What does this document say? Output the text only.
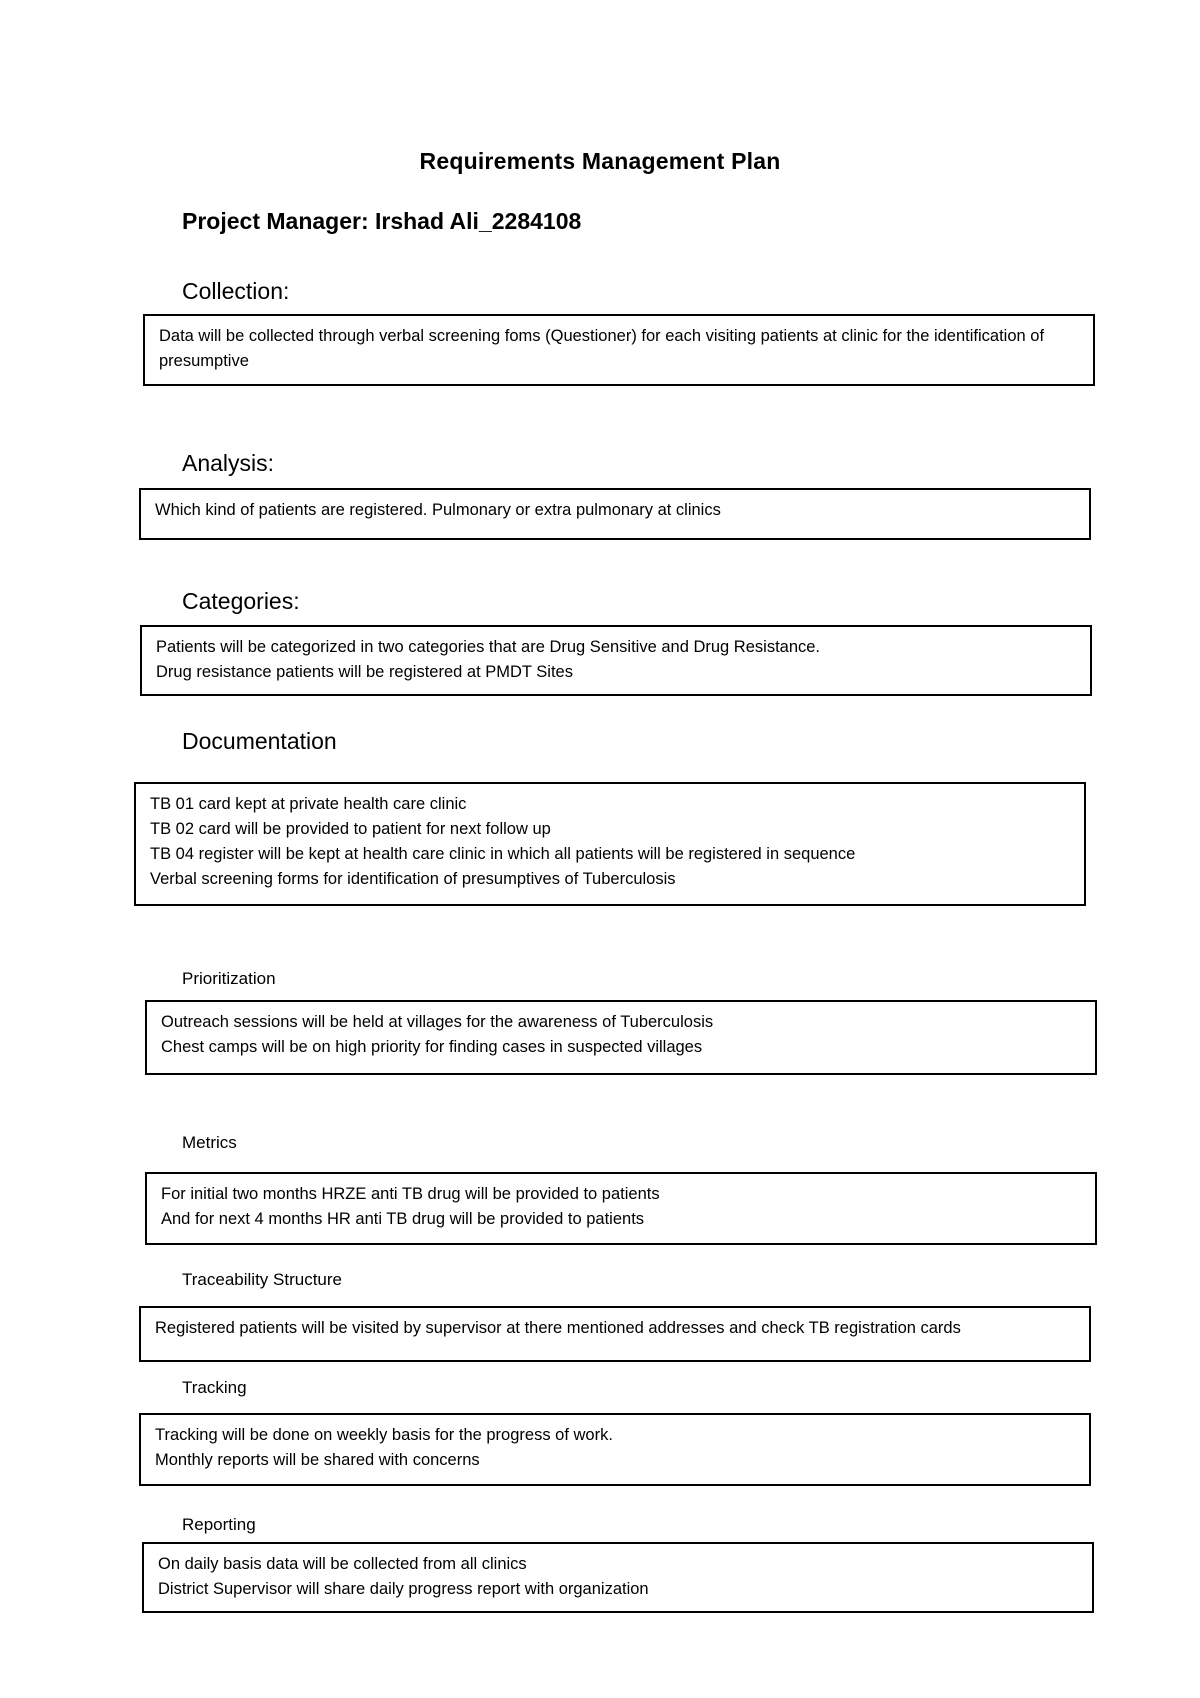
Requirements Management Plan
Project Manager: Irshad Ali_2284108
Collection:
Data will be collected through verbal screening foms (Questioner) for each visiting patients at clinic for the identification of presumptive
Analysis:
Which kind of patients are registered. Pulmonary or extra pulmonary at clinics
Categories:
Patients will be categorized in two categories that are Drug Sensitive and Drug Resistance.
Drug resistance patients will be registered at PMDT Sites
Documentation
TB 01 card kept at private health care clinic
TB 02 card will be provided to patient for next follow up
TB 04 register will be kept at health care clinic in which all patients will be registered in sequence
Verbal screening forms for identification of presumptives of Tuberculosis
Prioritization
Outreach sessions will be held at villages for the awareness of Tuberculosis
Chest camps will be on high priority for finding cases in suspected villages
Metrics
For initial two months HRZE anti TB drug will be provided to patients
And for next 4 months HR anti TB drug will be provided to patients
Traceability Structure
Registered patients will be visited by supervisor at there mentioned addresses and check TB registration cards
Tracking
Tracking will be done on weekly basis for the progress of work.
Monthly reports will be shared with concerns
Reporting
On daily basis data will be collected from all clinics
District Supervisor will share daily progress report with organization
